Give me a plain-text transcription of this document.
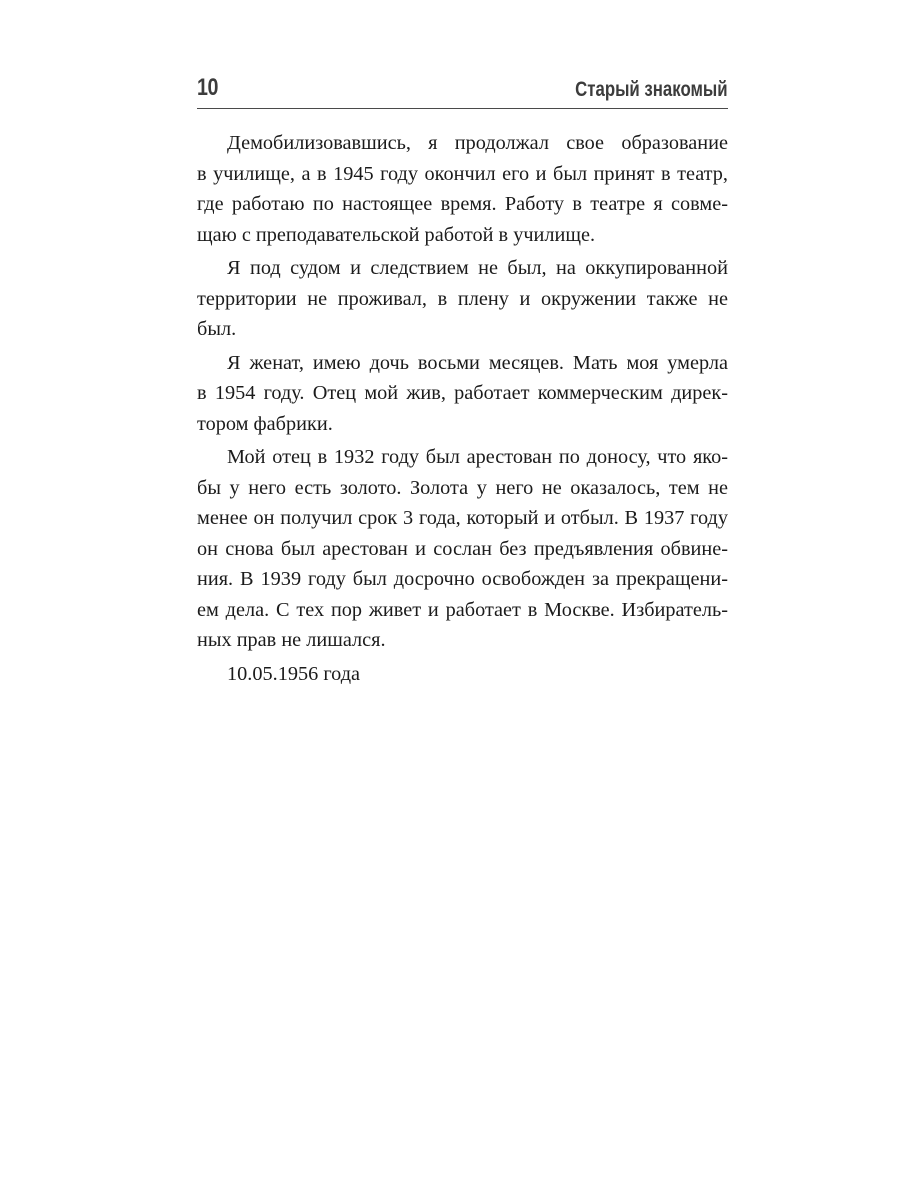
10	Старый знакомый

Демобилизовавшись, я продолжал свое образование
в училище, а в 1945 году окончил его и был принят в театр,
где работаю по настоящее время. Работу в театре я совме-
щаю с преподавательской работой в училище.

Я под судом и следствием не был, на оккупированной
территории не проживал, в плену и окружении также не
был.

Я женат, имею дочь восьми месяцев. Мать моя умерла
в 1954 году. Отец мой жив, работает коммерческим дирек-
тором фабрики.

Мой отец в 1932 году был арестован по доносу, что яко-
бы у него есть золото. Золота у него не оказалось, тем не
менее он получил срок 3 года, который и отбыл. В 1937 году
он снова был арестован и сослан без предъявления обвине-
ния. В 1939 году был досрочно освобожден за прекращени-
ем дела. С тех пор живет и работает в Москве. Избиратель-
ных прав не лишался.

10.05.1956 года
